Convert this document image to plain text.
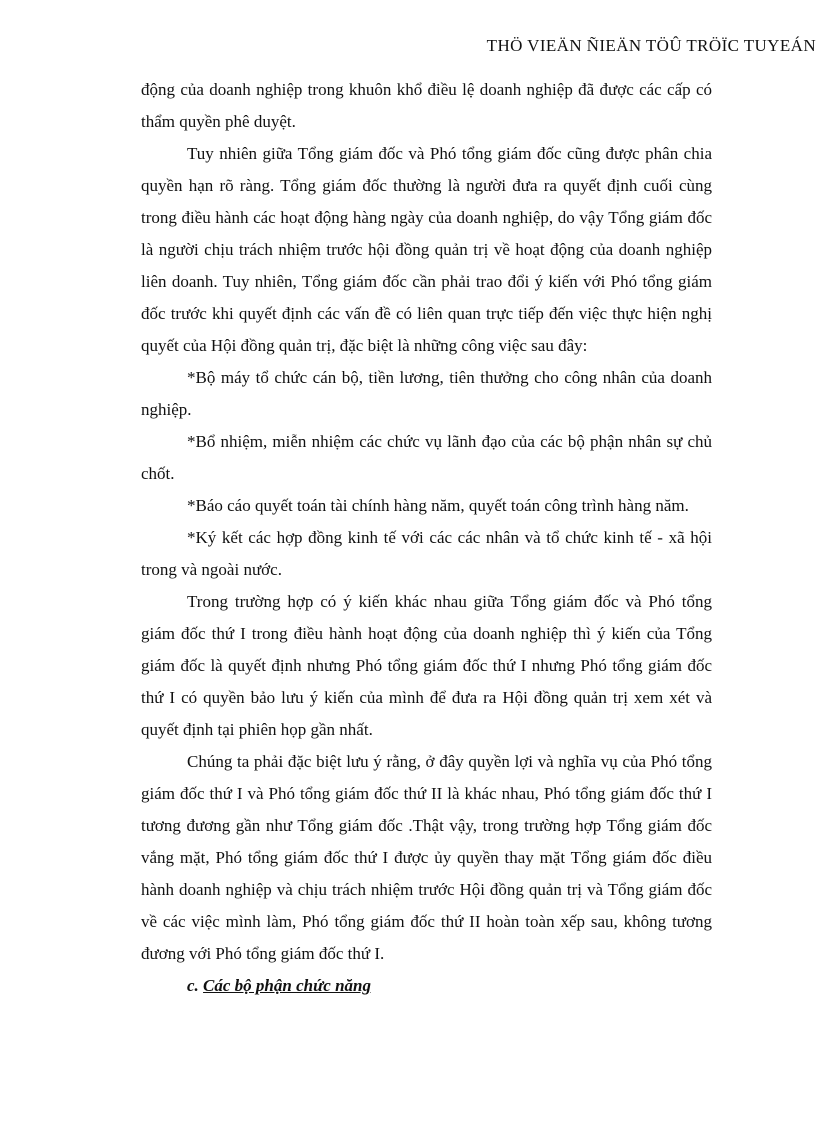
THÖ VIEÄN ÑIEÄN TÖÛ TRÖÏC TUYEÁN

động của doanh nghiệp trong khuôn khổ điều lệ doanh nghiệp đã được các cấp có thẩm quyền phê duyệt.

Tuy nhiên giữa Tổng giám đốc và Phó tổng giám đốc cũng được phân chia quyền hạn rõ ràng. Tổng giám đốc thường là người đưa ra quyết định cuối cùng trong điều hành các hoạt động hàng ngày của doanh nghiệp, do vậy Tổng giám đốc là người chịu trách nhiệm trước hội đồng quản trị về hoạt động của doanh nghiệp liên doanh. Tuy nhiên, Tổng giám đốc cần phải trao đổi ý kiến với Phó tổng giám đốc trước khi quyết định các vấn đề có liên quan trực tiếp đến việc thực hiện nghị quyết của Hội đồng quản trị, đặc biệt là những công việc sau đây:

*Bộ máy tổ chức cán bộ, tiền lương, tiên thưởng cho công nhân của doanh nghiệp.

*Bổ nhiệm, miễn nhiệm các chức vụ lãnh đạo của các bộ phận nhân sự chủ chốt.

*Báo cáo quyết toán tài chính hàng năm, quyết toán công trình hàng năm.

*Ký kết các hợp đồng kinh tế với các các nhân và tổ chức kinh tế - xã hội trong và ngoài nước.

Trong trường hợp có ý kiến khác nhau giữa Tổng giám đốc và Phó tổng giám đốc thứ I trong điều hành hoạt động của doanh nghiệp thì ý kiến của Tổng giám đốc là quyết định nhưng Phó tổng giám đốc thứ I nhưng Phó tổng giám đốc thứ I có quyền bảo lưu ý kiến của mình để đưa ra Hội đồng quản trị xem xét và quyết định tại phiên họp gần nhất.

Chúng ta phải đặc biệt lưu ý rằng, ở đây quyền lợi và nghĩa vụ của Phó tổng giám đốc thứ I và Phó tổng giám đốc thứ II là khác nhau, Phó tổng giám đốc thứ I tương đương gần như Tổng giám đốc .Thật vậy, trong trường hợp Tổng giám đốc vắng mặt, Phó tổng giám đốc thứ I được ủy quyền thay mặt Tổng giám đốc điều hành doanh nghiệp và chịu trách nhiệm trước Hội đồng quản trị và Tổng giám đốc về các việc mình làm, Phó tổng giám đốc thứ II hoàn toàn xếp sau, không tương đương với Phó tổng giám đốc thứ I.

c. Các bộ phận chức năng
